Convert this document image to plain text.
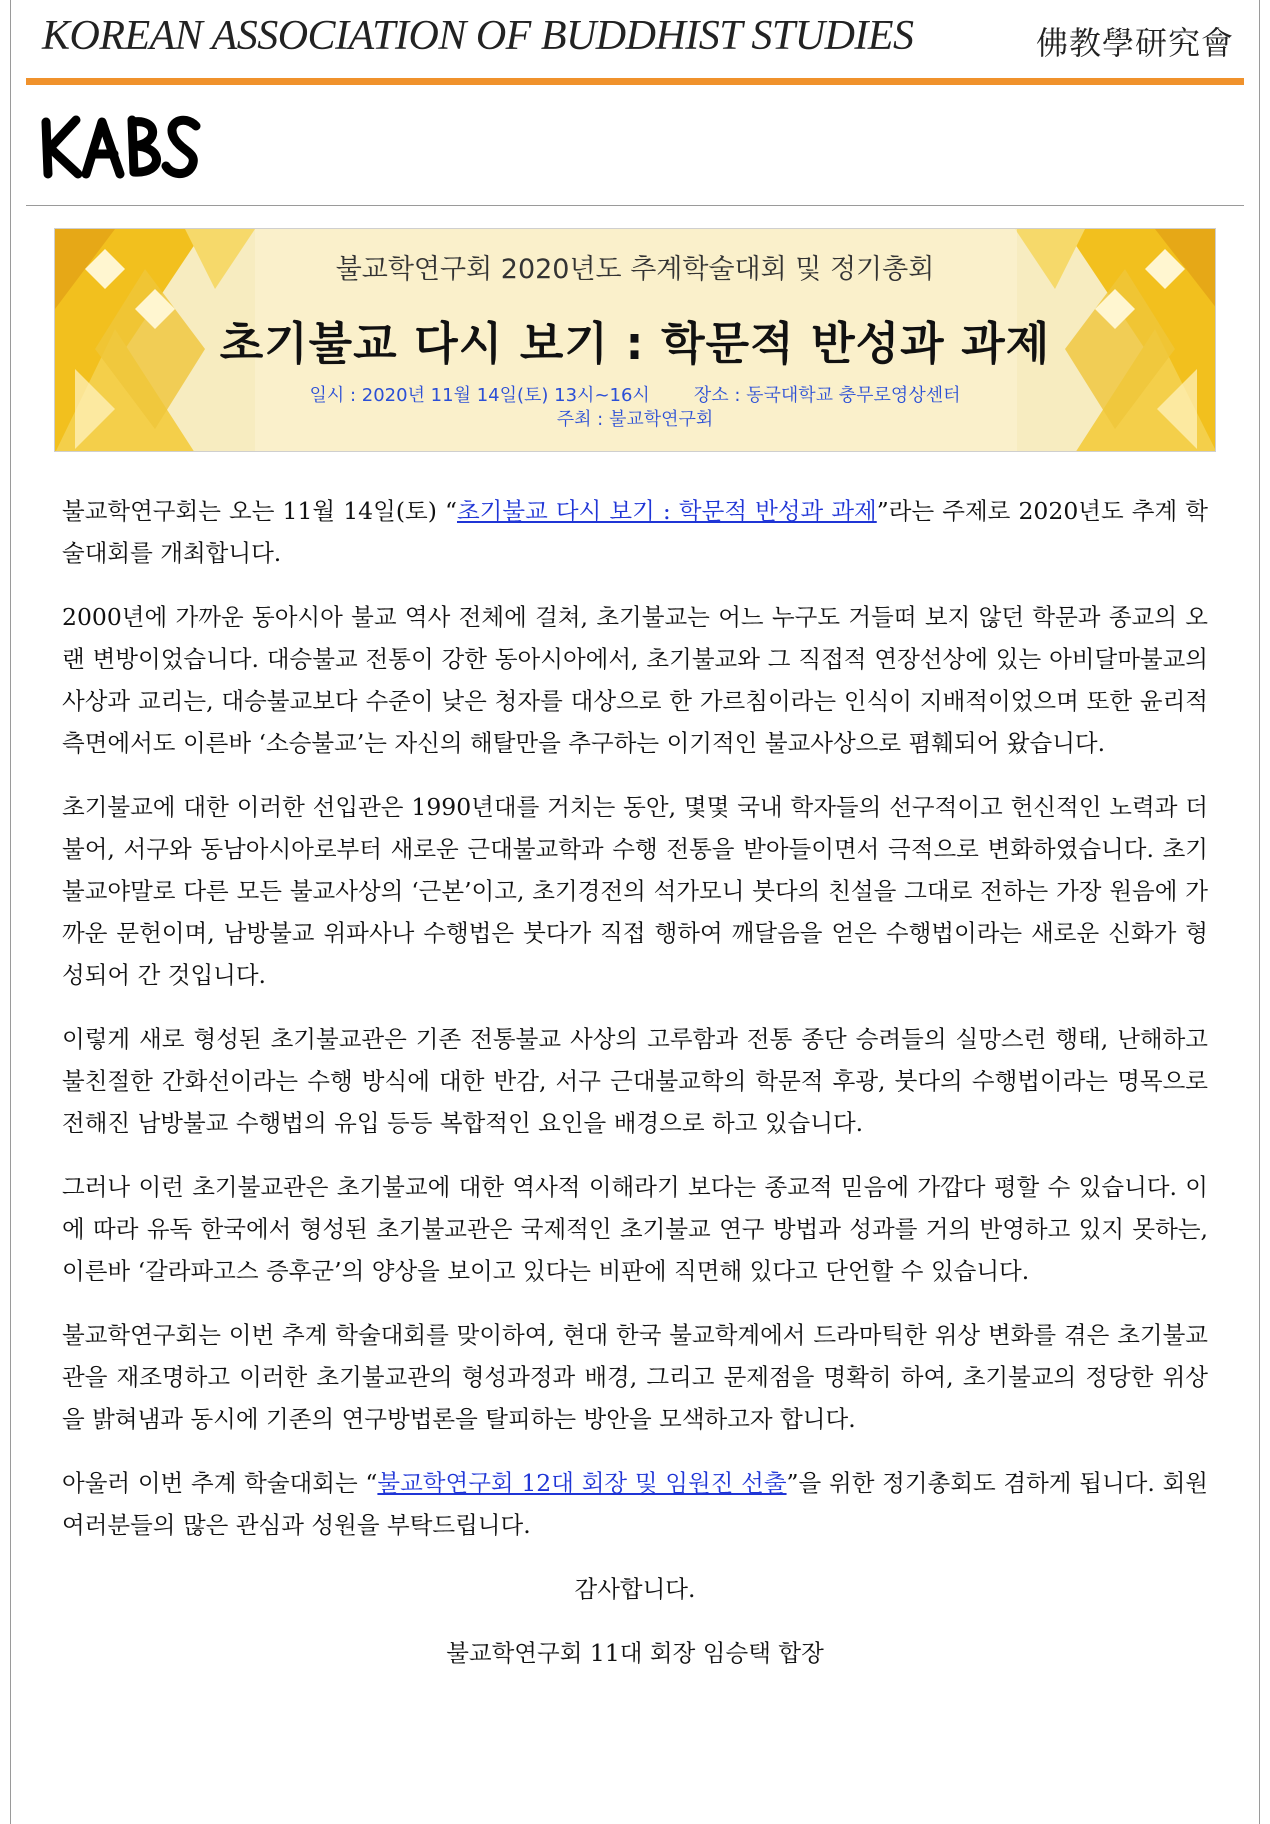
KOREAN ASSOCIATION OF BUDDHIST STUDIES	佛教學研究會
불교학연구회 2020년도 추계학술대회 및 정기총회
초기불교 다시 보기 : 학문적 반성과 과제
일시 : 2020년 11월 14일(토) 13시~16시 장소 : 동국대학교 충무로영상센터
주최 : 불교학연구회

불교학연구회는 오는 11월 14일(토) “초기불교 다시 보기 : 학문적 반성과 과제”라는 주제로 2020년도 추계 학술대회를 개최합니다.

2000년에 가까운 동아시아 불교 역사 전체에 걸쳐, 초기불교는 어느 누구도 거들떠 보지 않던 학문과 종교의 오랜 변방이었습니다. 대승불교 전통이 강한 동아시아에서, 초기불교와 그 직접적 연장선상에 있는 아비달마불교의 사상과 교리는, 대승불교보다 수준이 낮은 청자를 대상으로 한 가르침이라는 인식이 지배적이었으며 또한 윤리적 측면에서도 이른바 ‘소승불교’는 자신의 해탈만을 추구하는 이기적인 불교사상으로 폄훼되어 왔습니다.

초기불교에 대한 이러한 선입관은 1990년대를 거치는 동안, 몇몇 국내 학자들의 선구적이고 헌신적인 노력과 더불어, 서구와 동남아시아로부터 새로운 근대불교학과 수행 전통을 받아들이면서 극적으로 변화하였습니다. 초기불교야말로 다른 모든 불교사상의 ‘근본’이고, 초기경전의 석가모니 붓다의 친설을 그대로 전하는 가장 원음에 가까운 문헌이며, 남방불교 위파사나 수행법은 붓다가 직접 행하여 깨달음을 얻은 수행법이라는 새로운 신화가 형성되어 간 것입니다.

이렇게 새로 형성된 초기불교관은 기존 전통불교 사상의 고루함과 전통 종단 승려들의 실망스런 행태, 난해하고 불친절한 간화선이라는 수행 방식에 대한 반감, 서구 근대불교학의 학문적 후광, 붓다의 수행법이라는 명목으로 전해진 남방불교 수행법의 유입 등등 복합적인 요인을 배경으로 하고 있습니다.

그러나 이런 초기불교관은 초기불교에 대한 역사적 이해라기 보다는 종교적 믿음에 가깝다 평할 수 있습니다. 이에 따라 유독 한국에서 형성된 초기불교관은 국제적인 초기불교 연구 방법과 성과를 거의 반영하고 있지 못하는, 이른바 ‘갈라파고스 증후군’의 양상을 보이고 있다는 비판에 직면해 있다고 단언할 수 있습니다.

불교학연구회는 이번 추계 학술대회를 맞이하여, 현대 한국 불교학계에서 드라마틱한 위상 변화를 겪은 초기불교관을 재조명하고 이러한 초기불교관의 형성과정과 배경, 그리고 문제점을 명확히 하여, 초기불교의 정당한 위상을 밝혀냄과 동시에 기존의 연구방법론을 탈피하는 방안을 모색하고자 합니다.

아울러 이번 추계 학술대회는 “불교학연구회 12대 회장 및 임원진 선출”을 위한 정기총회도 겸하게 됩니다. 회원 여러분들의 많은 관심과 성원을 부탁드립니다.

감사합니다.

불교학연구회 11대 회장 임승택 합장
